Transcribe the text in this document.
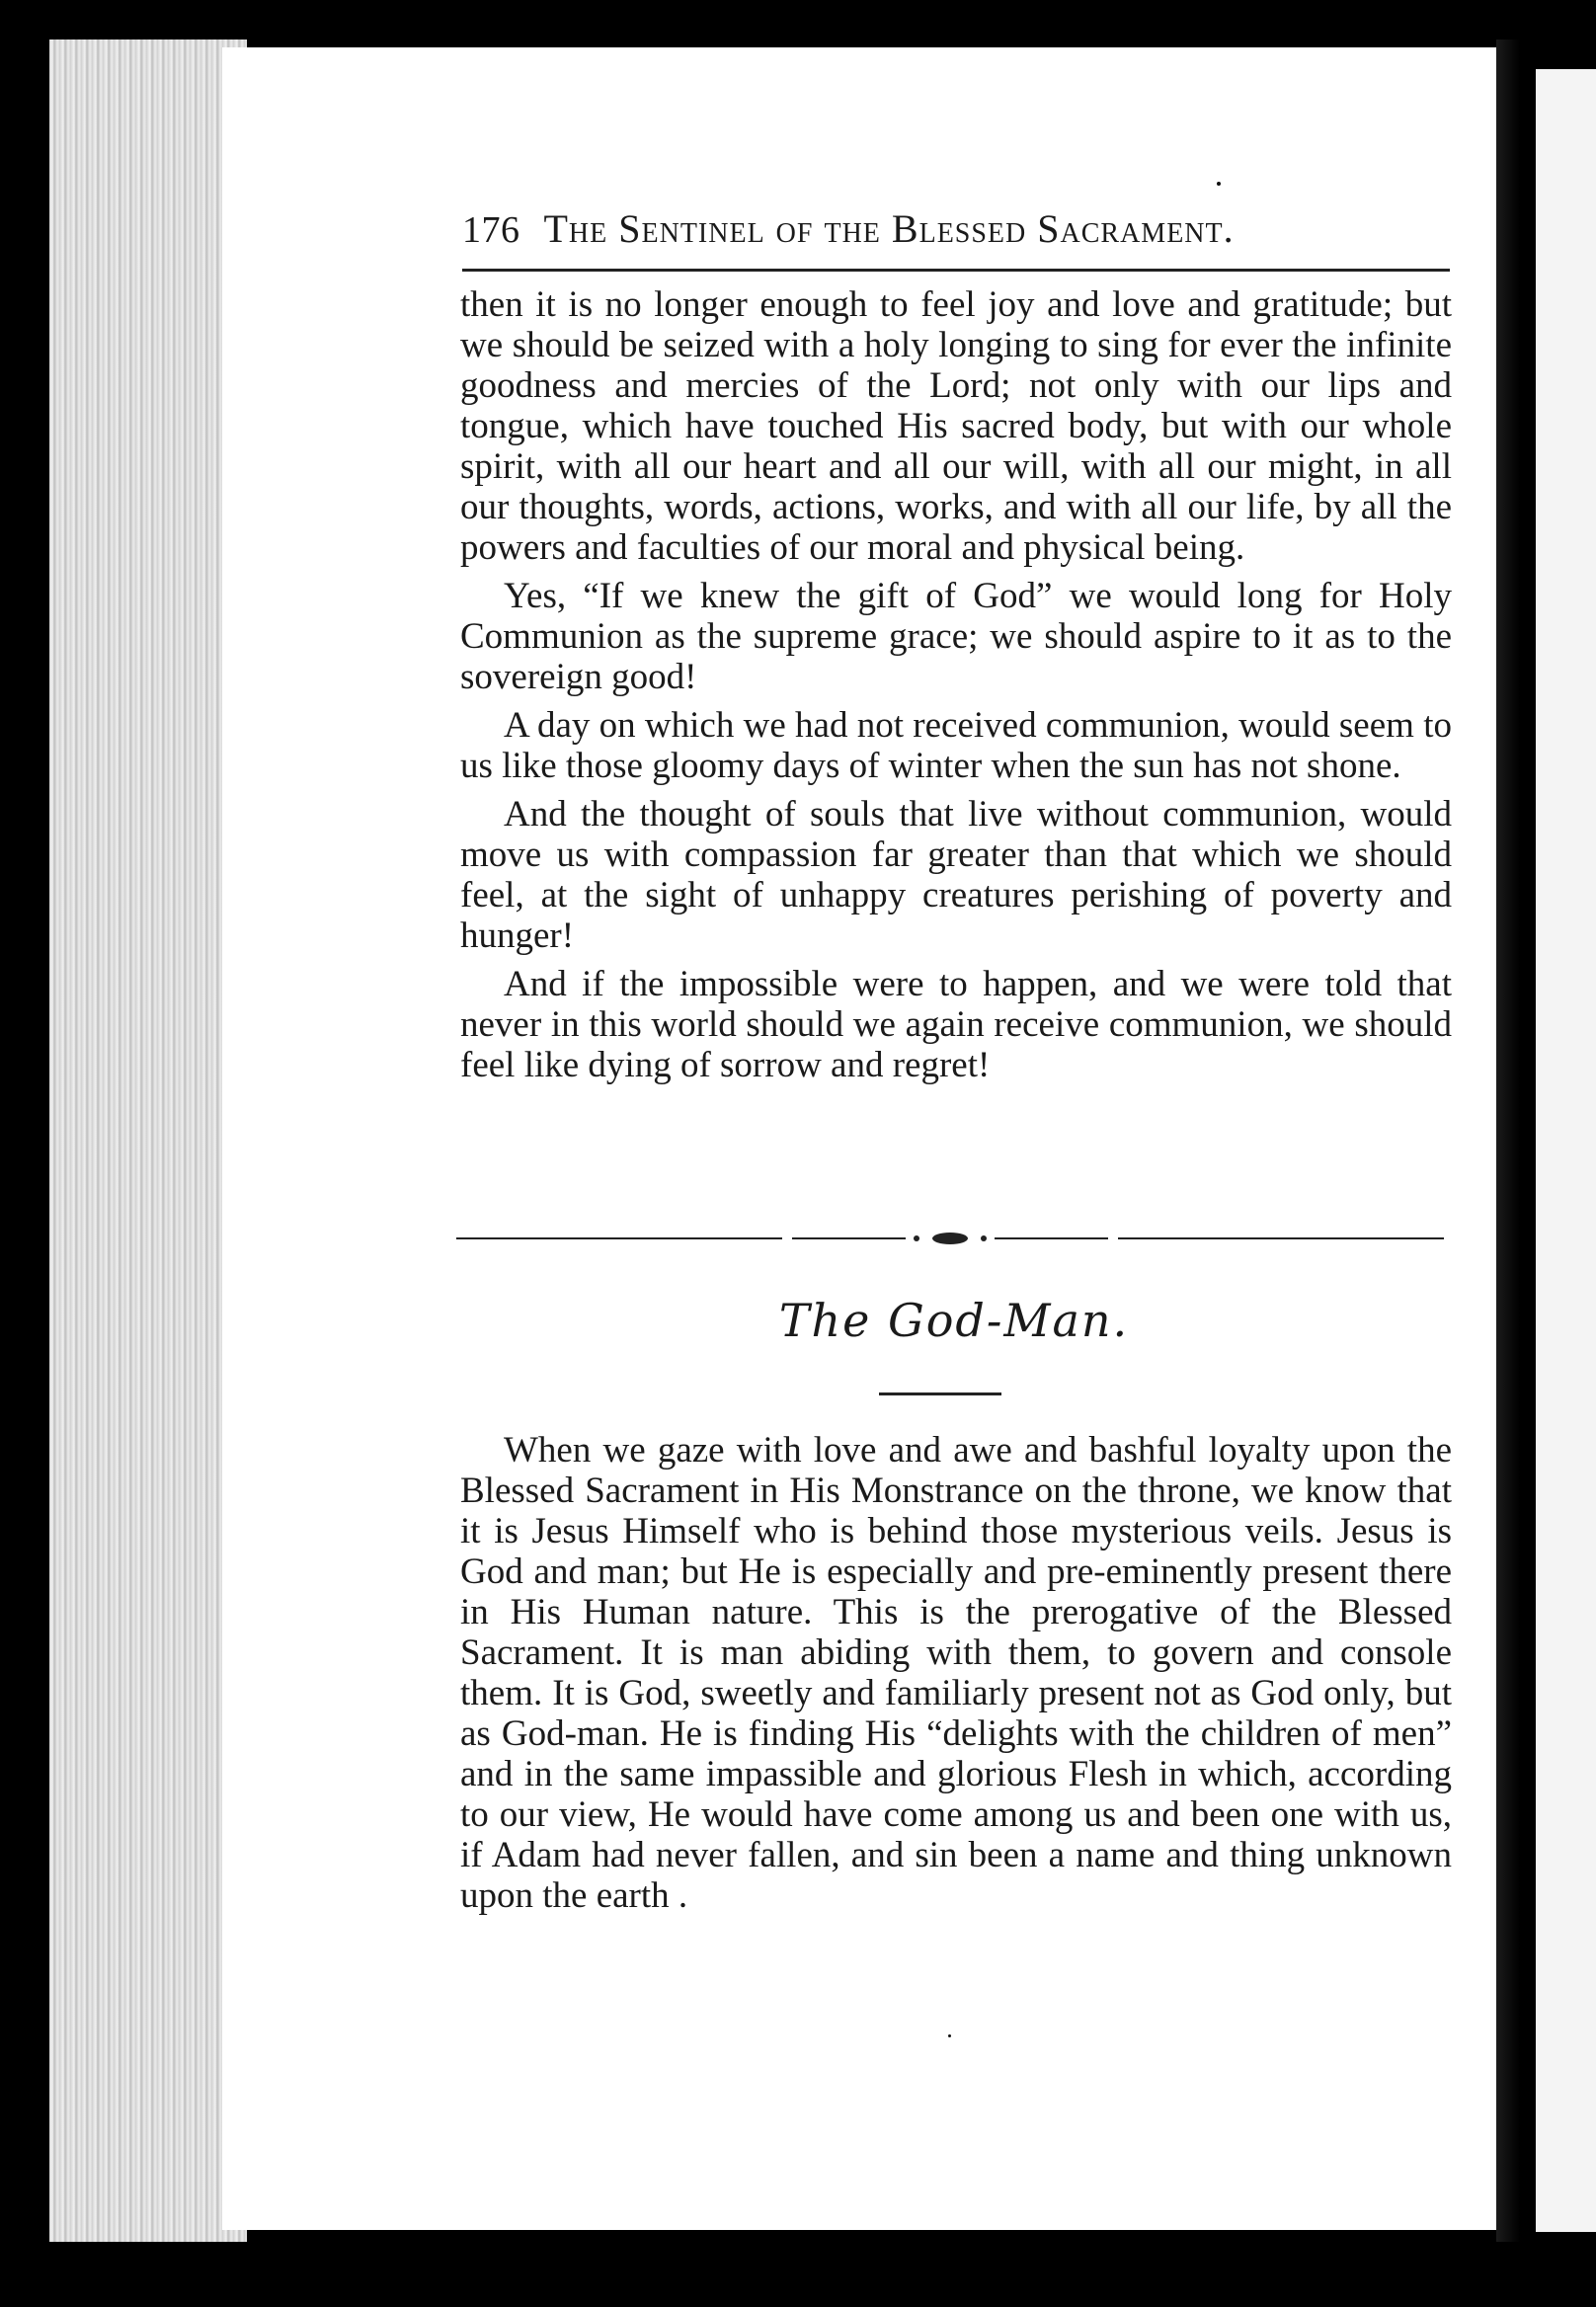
176 The Sentinel of the Blessed Sacrament.

then it is no longer enough to feel joy and love and gratitude; but we should be seized with a holy longing to sing for ever the infinite goodness and mercies of the Lord; not only with our lips and tongue, which have touched His sacred body, but with our whole spirit, with all our heart and all our will, with all our might, in all our thoughts, words, actions, works, and with all our life, by all the powers and faculties of our moral and physical being.

Yes, “If we knew the gift of God” we would long for Holy Communion as the supreme grace; we should aspire to it as to the sovereign good!

A day on which we had not received communion, would seem to us like those gloomy days of winter when the sun has not shone.

And the thought of souls that live without communion, would move us with compassion far greater than that which we should feel, at the sight of unhappy creatures perishing of poverty and hunger!

And if the impossible were to happen, and we were told that never in this world should we again receive communion, we should feel like dying of sorrow and regret!

The God-Man.

When we gaze with love and awe and bashful loyalty upon the Blessed Sacrament in His Monstrance on the throne, we know that it is Jesus Himself who is behind those mysterious veils. Jesus is God and man; but He is especially and pre-eminently present there in His Human nature. This is the prerogative of the Blessed Sacrament. It is man abiding with them, to govern and console them. It is God, sweetly and familiarly present not as God only, but as God-man. He is finding His “delights with the children of men” and in the same impassible and glorious Flesh in which, according to our view, He would have come among us and been one with us, if Adam had never fallen, and sin been a name and thing unknown upon the earth .
